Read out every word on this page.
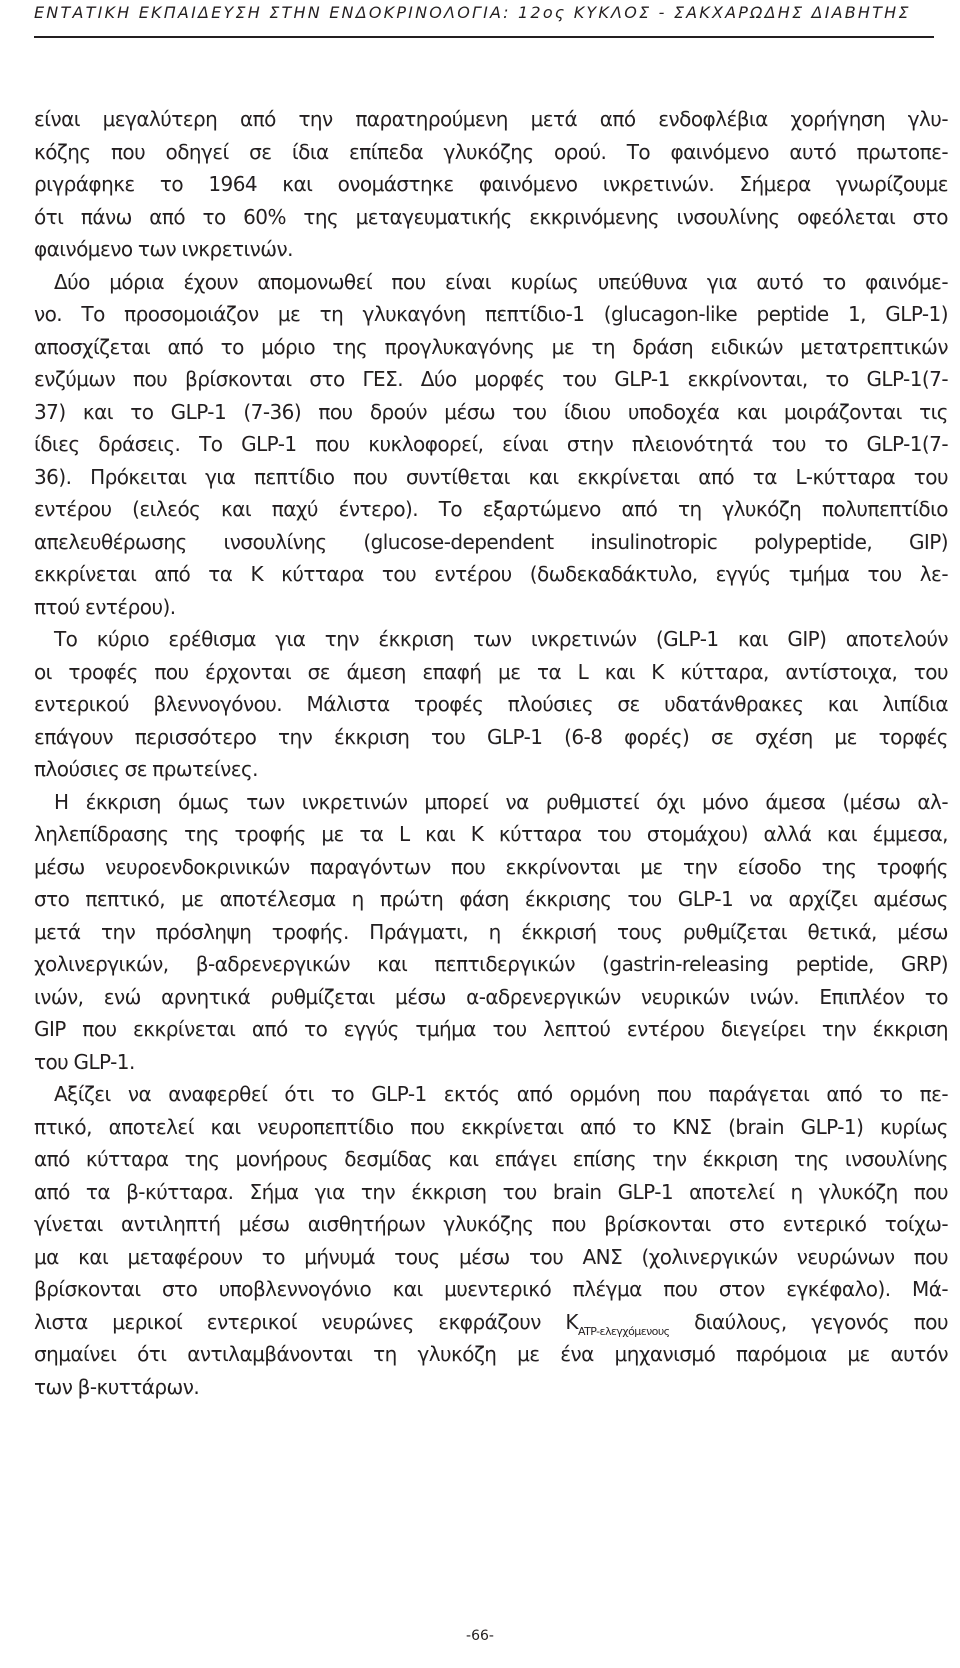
ΕΝΤΑΤΙΚΗ ΕΚΠΑΙΔΕΥΣΗ ΣΤΗΝ ΕΝΔΟΚΡΙΝΟΛΟΓΙΑ: 12ος ΚΥΚΛΟΣ - ΣΑΚΧΑΡΩΔΗΣ ΔΙΑΒΗΤΗΣ
είναι μεγαλύτερη από την παρατηρούμενη μετά από ενδοφλέβια χορήγηση γλυ-
κόζης που οδηγεί σε ίδια επίπεδα γλυκόζης ορού. Το φαινόμενο αυτό πρωτοπε-
ριγράφηκε το 1964 και ονομάστηκε φαινόμενο ινκρετινών. Σήμερα γνωρίζουμε
ότι πάνω από το 60% της μεταγευματικής εκκρινόμενης ινσουλίνης οφεόλεται στο
φαινόμενο των ινκρετινών.
Δύο μόρια έχουν απομονωθεί που είναι κυρίως υπεύθυνα για αυτό το φαινόμε-
νο. Το προσομοιάζον με τη γλυκαγόνη πεπτίδιο-1 (glucagon-like peptide 1, GLP-1)
αποσχίζεται από το μόριο της προγλυκαγόνης με τη δράση ειδικών μετατρεπτικών
ενζύμων που βρίσκονται στο ΓΕΣ. Δύο μορφές του GLP-1 εκκρίνονται, το GLP-1(7-
37) και το GLP-1 (7-36) που δρούν μέσω του ίδιου υποδοχέα και μοιράζονται τις
ίδιες δράσεις. Το GLP-1 που κυκλοφορεί, είναι στην πλειονότητά του το GLP-1(7-
36). Πρόκειται για πεπτίδιο που συντίθεται και εκκρίνεται από τα L-κύτταρα του
εντέρου (ειλεός και παχύ έντερο). Το εξαρτώμενο από τη γλυκόζη πολυπεπτίδιο
απελευθέρωσης ινσουλίνης (glucose-dependent insulinotropic polypeptide, GIP)
εκκρίνεται από τα K κύτταρα του εντέρου (δωδεκαδάκτυλο, εγγύς τμήμα του λε-
πτού εντέρου).
Το κύριο ερέθισμα για την έκκριση των ινκρετινών (GLP-1 και GIP) αποτελούν
οι τροφές που έρχονται σε άμεση επαφή με τα L και K κύτταρα, αντίστοιχα, του
εντερικού βλεννογόνου. Μάλιστα τροφές πλούσιες σε υδατάνθρακες και λιπίδια
επάγουν περισσότερο την έκκριση του GLP-1 (6-8 φορές) σε σχέση με τορφές
πλούσιες σε πρωτείνες.
Η έκκριση όμως των ινκρετινών μπορεί να ρυθμιστεί όχι μόνο άμεσα (μέσω αλ-
ληλεπίδρασης της τροφής με τα L και K κύτταρα του στομάχου) αλλά και έμμεσα,
μέσω νευροενδοκρινικών παραγόντων που εκκρίνονται με την είσοδο της τροφής
στο πεπτικό, με αποτέλεσμα η πρώτη φάση έκκρισης του GLP-1 να αρχίζει αμέσως
μετά την πρόσληψη τροφής. Πράγματι, η έκκρισή τους ρυθμίζεται θετικά, μέσω
χολινεργικών, β-αδρενεργικών και πεπτιδεργικών (gastrin-releasing peptide, GRP)
ινών, ενώ αρνητικά ρυθμίζεται μέσω α-αδρενεργικών νευρικών ινών. Επιπλέον το
GIP που εκκρίνεται από το εγγύς τμήμα του λεπτού εντέρου διεγείρει την έκκριση
του GLP-1.
Αξίζει να αναφερθεί ότι το GLP-1 εκτός από ορμόνη που παράγεται από το πε-
πτικό, αποτελεί και νευροπεπτίδιο που εκκρίνεται από το ΚΝΣ (brain GLP-1) κυρίως
από κύτταρα της μονήρους δεσμίδας και επάγει επίσης την έκκριση της ινσουλίνης
από τα β-κύτταρα. Σήμα για την έκκριση του brain GLP-1 αποτελεί η γλυκόζη που
γίνεται αντιληπτή μέσω αισθητήρων γλυκόζης που βρίσκονται στο εντερικό τοίχω-
μα και μεταφέρουν το μήνυμά τους μέσω του ΑΝΣ (χολινεργικών νευρώνων που
βρίσκονται στο υποβλεννογόνιο και μυεντερικό πλέγμα που στον εγκέφαλο). Μά-
λιστα μερικοί εντερικοί νευρώνες εκφράζουν $K_{ATP-\varepsilon\lambda\varepsilon\gamma\chi ό\mu\varepsilon\nu o\upsilon\varsigma}$ διαύλους, γεγονός που
σημαίνει ότι αντιλαμβάνονται τη γλυκόζη με ένα μηχανισμό παρόμοια με αυτόν
των β-κυττάρων.
-66-
